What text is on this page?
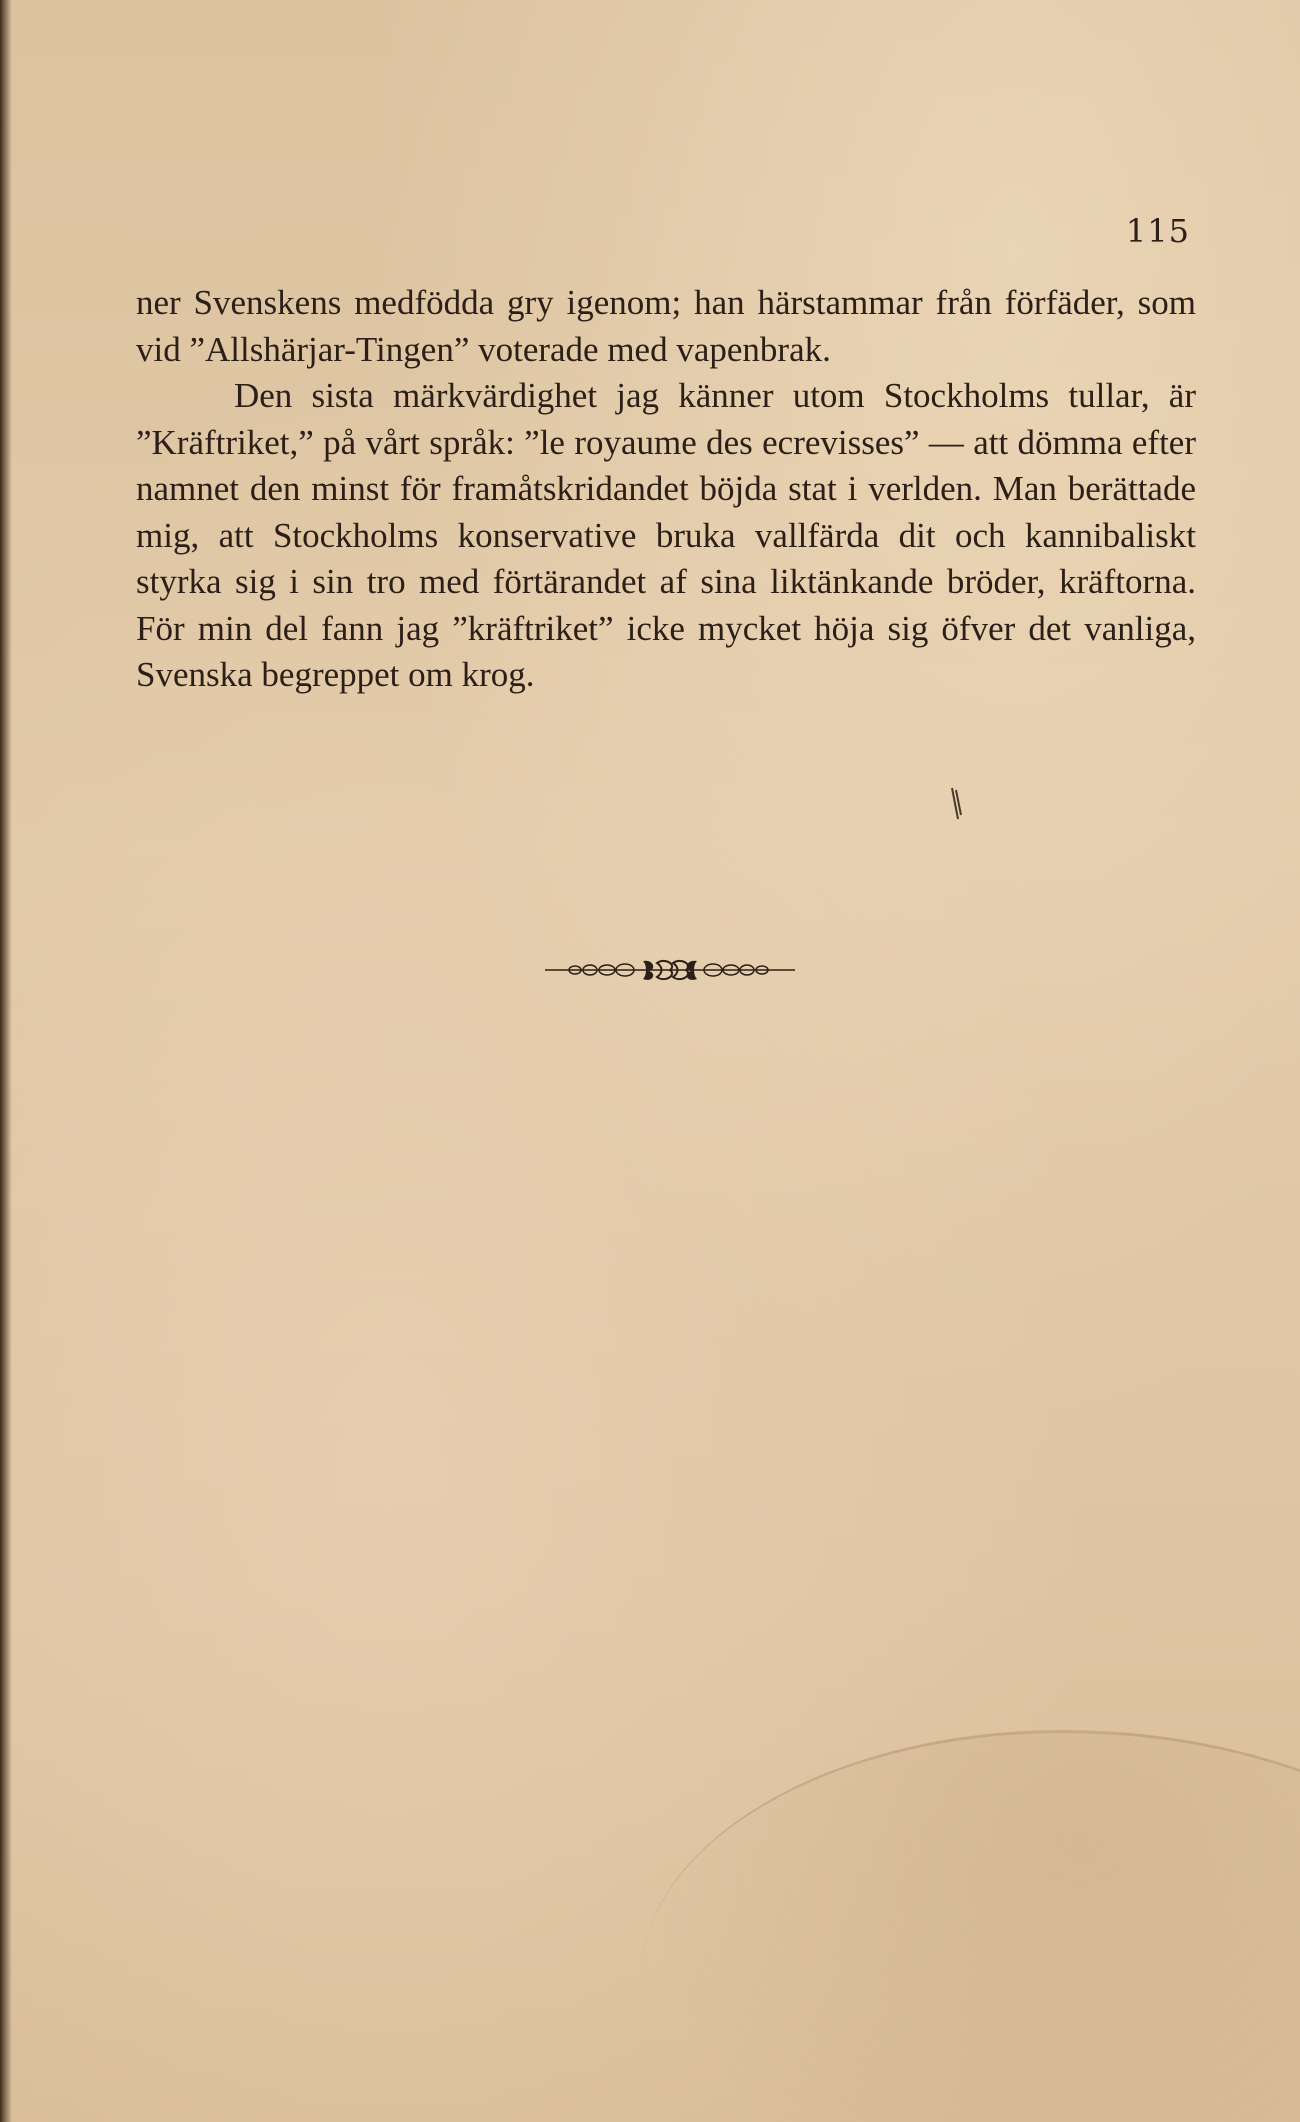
115

ner Svenskens medfödda gry igenom; han härstammar från förfäder, som vid ”Allshärjar-Tingen” voterade med vapenbrak.

Den sista märkvärdighet jag känner utom Stockholms tullar, är ”Kräftriket,” på vårt språk: ”le royaume des ecrevisses” — att dömma efter namnet den minst för framåtskridandet böjda stat i verlden. Man berättade mig, att Stockholms konservative bruka vallfärda dit och kannibaliskt styrka sig i sin tro med förtärandet af sina liktänkande bröder, kräftorna. För min del fann jag ”kräftriket” icke mycket höja sig öfver det vanliga, Svenska begreppet om krog.
